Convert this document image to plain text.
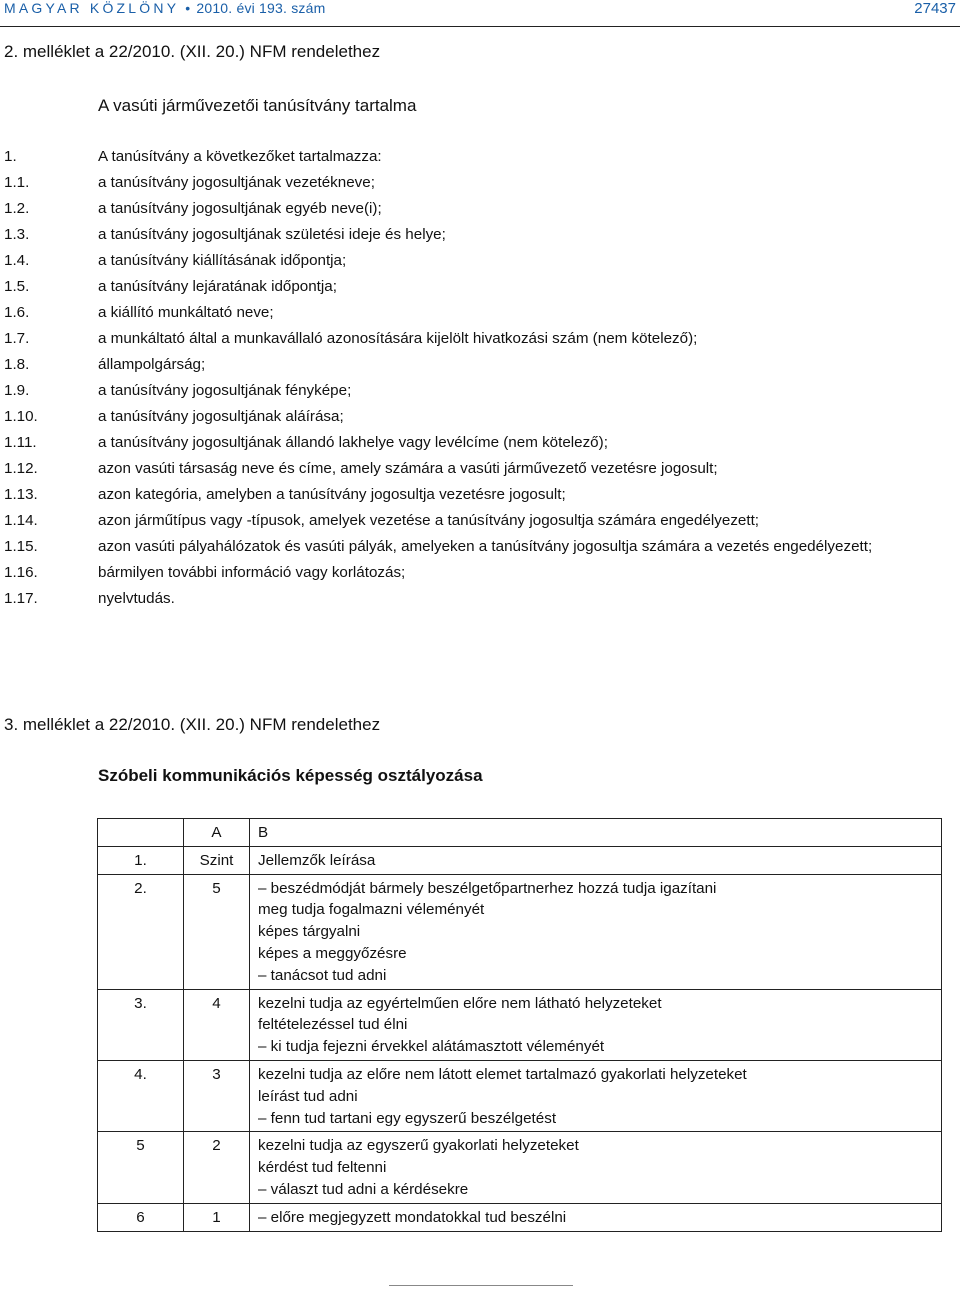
MAGYAR KÖZLÖNY • 2010. évi 193. szám	27437
2. melléklet a 22/2010. (XII. 20.) NFM rendelethez
A vasúti járművezetői tanúsítvány tartalma
1.	A tanúsítvány a következőket tartalmazza:
1.1.	a tanúsítvány jogosultjának vezetékneve;
1.2.	a tanúsítvány jogosultjának egyéb neve(i);
1.3.	a tanúsítvány jogosultjának születési ideje és helye;
1.4.	a tanúsítvány kiállításának időpontja;
1.5.	a tanúsítvány lejáratának időpontja;
1.6.	a kiállító munkáltató neve;
1.7.	a munkáltató által a munkavállaló azonosítására kijelölt hivatkozási szám (nem kötelező);
1.8.	állampolgárság;
1.9.	a tanúsítvány jogosultjának fényképe;
1.10.	a tanúsítvány jogosultjának aláírása;
1.11.	a tanúsítvány jogosultjának állandó lakhelye vagy levélcíme (nem kötelező);
1.12.	azon vasúti társaság neve és címe, amely számára a vasúti járművezető vezetésre jogosult;
1.13.	azon kategória, amelyben a tanúsítvány jogosultja vezetésre jogosult;
1.14.	azon járműtípus vagy -típusok, amelyek vezetése a tanúsítvány jogosultja számára engedélyezett;
1.15.	azon vasúti pályahálózatok és vasúti pályák, amelyeken a tanúsítvány jogosultja számára a vezetés engedélyezett;
1.16.	bármilyen további információ vagy korlátozás;
1.17.	nyelvtudás.
3. melléklet a 22/2010. (XII. 20.) NFM rendelethez
Szóbeli kommunikációs képesség osztályozása
	A	B
1.	Szint	Jellemzők leírása

2.	5	– beszédmódját bármely beszélgetőpartnerhez hozzá tudja igazítani
meg tudja fogalmazni véleményét
képes tárgyalni
képes a meggyőzésre
– tanácsot tud adni

3.	4	kezelni tudja az egyértelműen előre nem látható helyzeteket
feltételezéssel tud élni
– ki tudja fejezni érvekkel alátámasztott véleményét

4.	3	kezelni tudja az előre nem látott elemet tartalmazó gyakorlati helyzeteket
leírást tud adni
– fenn tud tartani egy egyszerű beszélgetést

5	2	kezelni tudja az egyszerű gyakorlati helyzeteket
kérdést tud feltenni
– választ tud adni a kérdésekre

6	1	– előre megjegyzett mondatokkal tud beszélni
